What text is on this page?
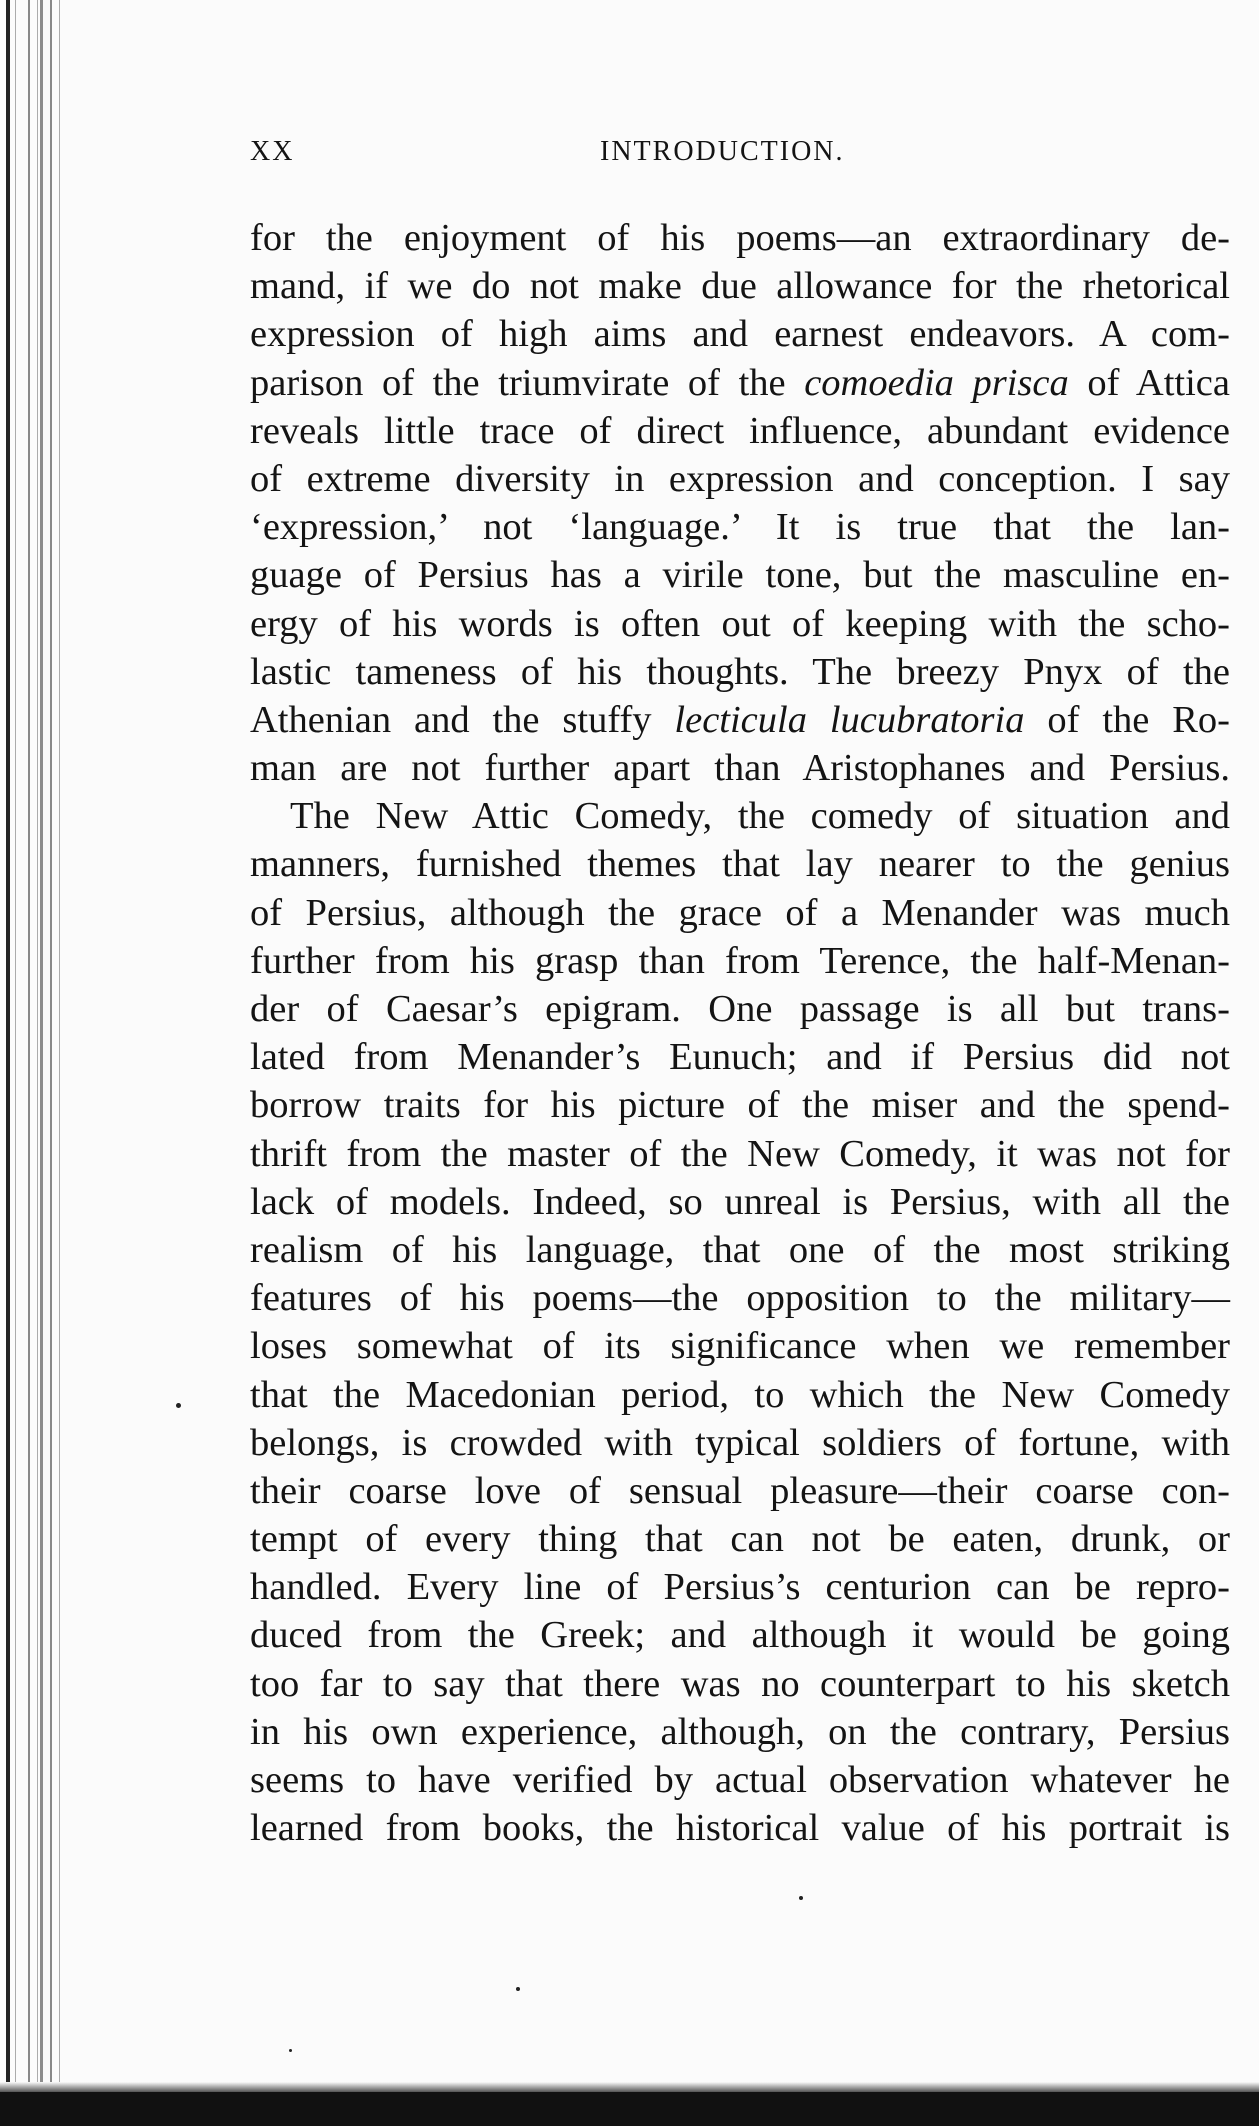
XX	INTRODUCTION.
for the enjoyment of his poems—an extraordinary de-
mand, if we do not make due allowance for the rhetorical
expression of high aims and earnest endeavors. A com-
parison of the triumvirate of the comoedia prisca of Attica
reveals little trace of direct influence, abundant evidence
of extreme diversity in expression and conception. I say
‘expression,’ not ‘language.’ It is true that the lan-
guage of Persius has a virile tone, but the masculine en-
ergy of his words is often out of keeping with the scho-
lastic tameness of his thoughts. The breezy Pnyx of the
Athenian and the stuffy lecticula lucubratoria of the Ro-
man are not further apart than Aristophanes and Persius.
The New Attic Comedy, the comedy of situation and
manners, furnished themes that lay nearer to the genius
of Persius, although the grace of a Menander was much
further from his grasp than from Terence, the half-Menan-
der of Caesar’s epigram. One passage is all but trans-
lated from Menander’s Eunuch; and if Persius did not
borrow traits for his picture of the miser and the spend-
thrift from the master of the New Comedy, it was not for
lack of models. Indeed, so unreal is Persius, with all the
realism of his language, that one of the most striking
features of his poems—the opposition to the military—
loses somewhat of its significance when we remember
that the Macedonian period, to which the New Comedy
belongs, is crowded with typical soldiers of fortune, with
their coarse love of sensual pleasure—their coarse con-
tempt of every thing that can not be eaten, drunk, or
handled. Every line of Persius’s centurion can be repro-
duced from the Greek; and although it would be going
too far to say that there was no counterpart to his sketch
in his own experience, although, on the contrary, Persius
seems to have verified by actual observation whatever he
learned from books, the historical value of his portrait is
